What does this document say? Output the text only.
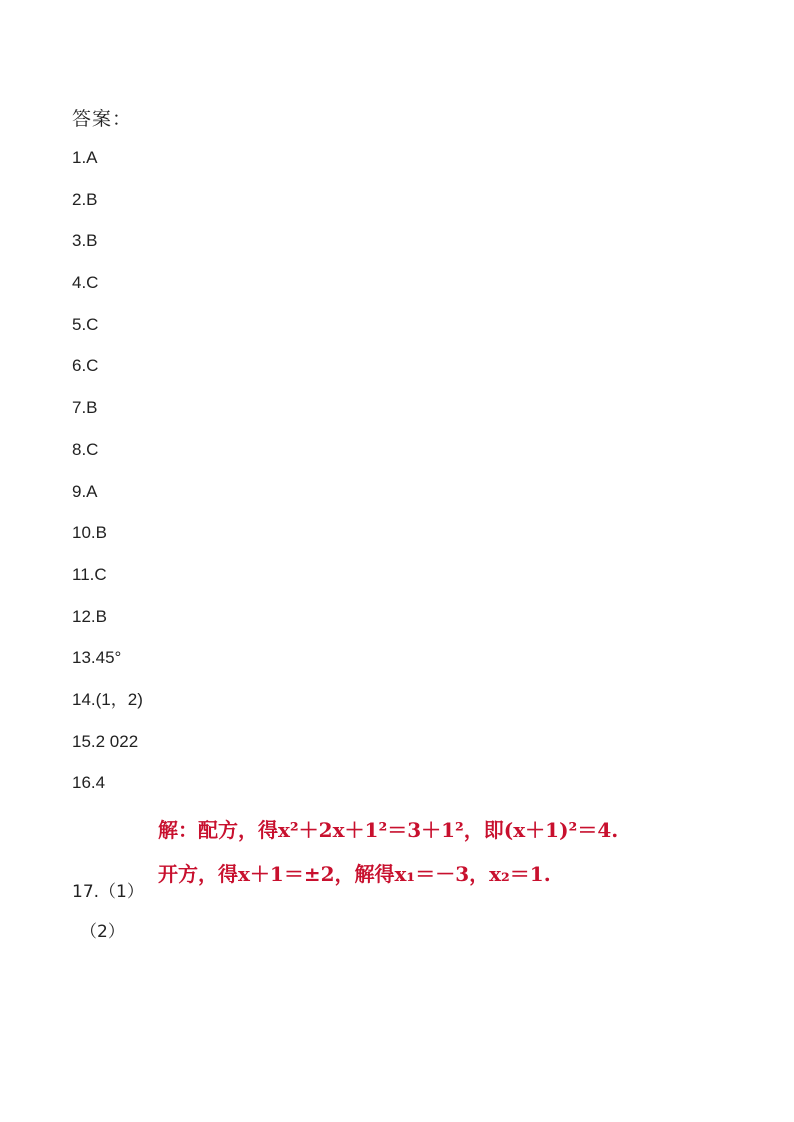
答案：
1.A
2.B
3.B
4.C
5.C
6.C
7.B
8.C
9.A
10.B
11.C
12.B
13.45°
14.(1，2)
15.2 022
16.4
解：配方，得x²＋2x＋1²＝3＋1²，即(x＋1)²＝4.
开方，得x＋1＝±2，解得x₁＝－3，x₂＝1.
17.（1）
（2）
